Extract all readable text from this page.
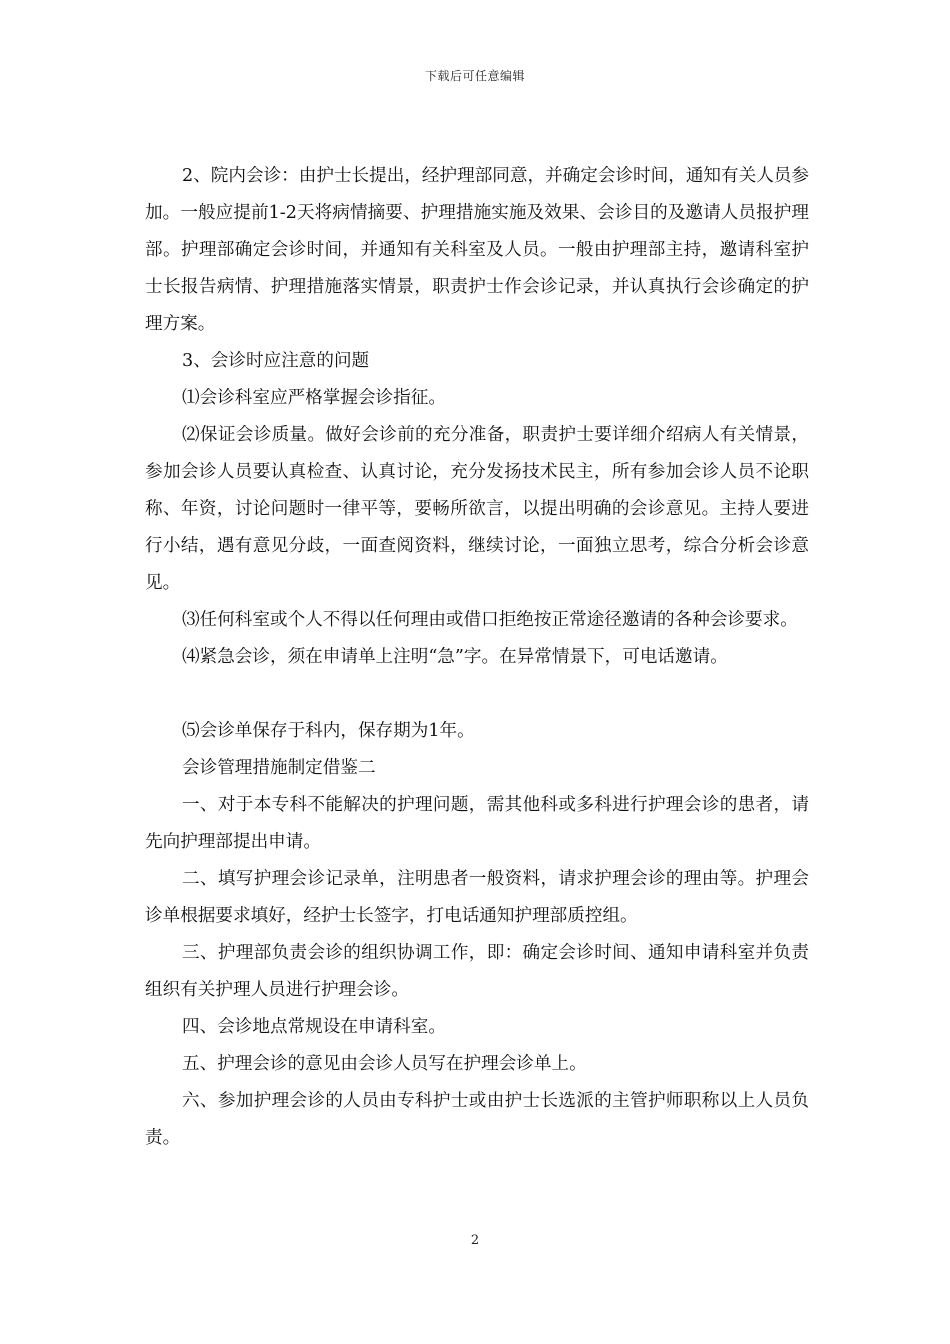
下载后可任意编辑

2、院内会诊：由护士长提出，经护理部同意，并确定会诊时间，通知有关人员参加。一般应提前1-2天将病情摘要、护理措施实施及效果、会诊目的及邀请人员报护理部。护理部确定会诊时间，并通知有关科室及人员。一般由护理部主持，邀请科室护士长报告病情、护理措施落实情景，职责护士作会诊记录，并认真执行会诊确定的护理方案。

3、会诊时应注意的问题

⑴会诊科室应严格掌握会诊指征。

⑵保证会诊质量。做好会诊前的充分准备，职责护士要详细介绍病人有关情景，参加会诊人员要认真检查、认真讨论，充分发扬技术民主，所有参加会诊人员不论职称、年资，讨论问题时一律平等，要畅所欲言，以提出明确的会诊意见。主持人要进行小结，遇有意见分歧，一面查阅资料，继续讨论，一面独立思考，综合分析会诊意见。

⑶任何科室或个人不得以任何理由或借口拒绝按正常途径邀请的各种会诊要求。

⑷紧急会诊，须在申请单上注明“急”字。在异常情景下，可电话邀请。

⑸会诊单保存于科内，保存期为1年。

会诊管理措施制定借鉴二

一、对于本专科不能解决的护理问题，需其他科或多科进行护理会诊的患者，请先向护理部提出申请。

二、填写护理会诊记录单，注明患者一般资料，请求护理会诊的理由等。护理会诊单根据要求填好，经护士长签字，打电话通知护理部质控组。

三、护理部负责会诊的组织协调工作，即：确定会诊时间、通知申请科室并负责组织有关护理人员进行护理会诊。

四、会诊地点常规设在申请科室。

五、护理会诊的意见由会诊人员写在护理会诊单上。

六、参加护理会诊的人员由专科护士或由护士长选派的主管护师职称以上人员负责。

2
